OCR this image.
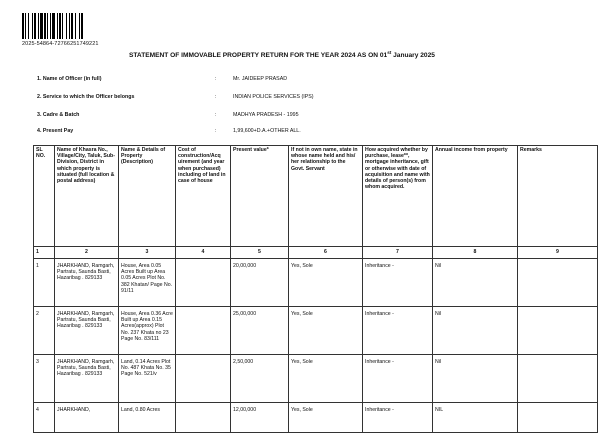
2025-54864-72766251749221
STATEMENT OF IMMOVABLE PROPERTY RETURN FOR THE YEAR 2024 AS ON 01st January 2025
1. Name of Officer (in full)	:	Mr. JAIDEEP PRASAD
2. Service to which the Officer belongs	:	INDIAN POLICE SERVICES (IPS)
3. Cadre & Batch	:	MADHYA PRADESH - 1995
4. Present Pay	:	1,99,600+D.A.+OTHER ALL.
SL NO.	Name of Khasra No., Village/City, Taluk, Sub-Division, District in which property is situated (full location & postal address)	Name & Details of Property (Description)	Cost of construction/Acq uirement (and year when purchased) including of land in case of house	Present value*	If not in own name, state in whose name held and his/ her relationship to the Govt. Servant	How acquired whether by purchase, lease**, mortgage inheritance, gift or otherwise with date of acquisition and name with details of person(s) from whom acquired.	Annual income from property	Remarks
1	2	3	4	5	6	7	8	9
1	JHARKHAND, Ramgarh, Partratu, Saunda Basti, Hazaribag . 829133	House, Area 0.05 Acres Built up Area 0.05 Acres Plot No. 382 Khatan/ Page No. 91/11		20,00,000	Yes, Sole	Inheritance -	Nil	
2	JHARKHAND, Ramgarh, Partratu, Saunda Basti, Hazaribag . 829133	House, Area 0.36 Acre Built up Area 0.15 Acres(approx) Plot No. 237 Khata no 23 Page No. 83/111		25,00,000	Yes, Sole	Inheritance -	Nil	
3	JHARKHAND, Ramgarh, Partratu, Saunda Basti, Hazaribag . 829133	Land, 0.14 Acres Plot No. 487 Khata No. 35 Page No. 521/v		2,50,000	Yes, Sole	Inheritance -	Nil	
4	JHARKHAND,	Land, 0.80 Acres		12,00,000	Yes, Sole	Inheritance -	NIL	
